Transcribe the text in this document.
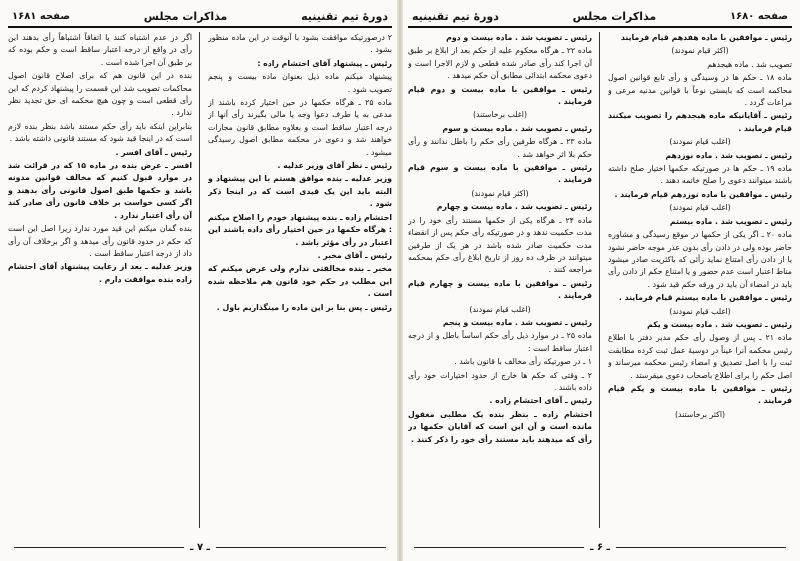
دورۀ تیم تقنینیه
مذاکرات مجلس
صفحه ۱۶۸۱

۲ درصورتیکه موافقت بشود با آنوقت در این ماده منظور بشود .

رئیس ـ پیشنهاد آقای احتشام زاده :

پیشنهاد میکنم ماده ذیل بعنوان ماده بیست و پنجم تصویب شود .

ماده ۲۵ ـ هرگاه حکمها در حین اختیار کرده باشند از مدعی به یا طرف دعوا وجه یا مالی بگیرند رأی آنها از درجه اعتبار ساقط است و بعلاوه مطابق قانون مجازات خواهند شد و دعوی در محکمه مطابق اصول رسیدگی میشود .

رئیس ـ نظر آقای وزیر عدلیه .

وزیر عدلیه ـ بنده موافق هستم با این پیشنهاد و البته باید این یک قیدی است که در اینجا ذکر شود .

احتشام زاده ـ بنده پیشنهاد خودم را اصلاح میکنم : هرگاه حکمها در حین اختیار رأی داده باشند این اعتبار در رأی مؤثر باشد .

رئیس ـ آقای مخبر .

مخبر ـ بنده مخالفتی ندارم ولی عرض میکنم که این مطلب در حکم خود قانون هم ملاحظه شده است .

رئیس ـ پس بنا بر این ماده را مینگذاریم باول .

اگر در عدم اشتباه کنند یا اتفاقاً اشتباهاً رأی بدهند این رأی در واقع از درجه اعتبار ساقط است و حکم بوده که بر طبق آن اجرا شده است .

بنده در این قانون هم که برای اصلاح قانون اصول محاکمات تصویب شد این قسمت را پیشنهاد کردم که این رأی قطعی است و چون هیچ محکمه ای حق تجدید نظر ندارد .

بنابراین اینکه باید رأی حکم مستند باشد بنظر بنده لازم است که در اینجا قید شود که مستند قانونی داشته باشد .

رئیس ـ آقای افسر .

افسر ـ عرض بنده در ماده ۱۵ که در قرائت شد در موارد قبول کنیم که مخالف قوانین مدونه باشد و حکمها طبق اصول قانونی رأی بدهند و اگر کسی خواست بر خلاف قانون رأی صادر کند آن رأی اعتبار ندارد .

بنده گمان میکنم این قید مورد ندارد زیرا اصل این است که حکم در حدود قانون رأی میدهد و اگر برخلاف آن رأی داد از درجه اعتبار ساقط است .

وزیر عدلیه ـ بعد از رعایت پیشنهاد آقای احتشام زاده بنده موافقت دارم .

ـ ۷ ـ
صفحه ۱۶۸۰
مذاکرات مجلس
دورۀ تیم تقنینیه

رئیس ـ موافقین با ماده هفدهم قیام فرمایند

(اکثر قیام نمودند)

تصویب شد . ماده هیجدهم

ماده ۱۸ ـ حکم ها در وسیدگی و رأی تابع قوانین اصول محاکمه است که بایستی نوعاً با قوانین مدنیه مرعی و مراعات گردد .

رئیس ـ آقایانیکه ماده هیجدهم را تصویب میکنند قیام فرمایند .

(اغلب قیام نمودند)

رئیس ـ تصویب شد . ماده نوزدهم

ماده ۱۹ ـ حکم ها در صورتیکه حکمها اختیار صلح داشته باشند میتوانند دعوی را صلح خاتمه دهند .

رئیس ـ موافقین با ماده نوزدهم قیام فرمایند .

(اغلب قیام نمودند)

رئیس ـ تصویب شد . ماده بیستم

ماده ۲۰ ـ اگر یکی از حکمها در موقع رسیدگی و مشاوره حاضر بوده ولی در دادن رأی بدون عذر موجه حاضر نشود یا از دادن رأی امتناع نماید رأئی که باکثریت صادر میشود مناط اعتبار است عدم حضور و یا امتناع حکم از دادن رأی باید در امضاء آن باید در ورقه حکم قید شود .

رئیس ـ موافقین با ماده بیستم قیام فرمایند .

(اغلب قیام نمودند)

رئیس ـ تصویب شد . ماده بیست و یکم

ماده ۲۱ ـ پس از وصول رأی حکم مدیر دفتر با اطلاع رئیس محکمه آنرا عیناً در دوسیهٔ عمل ثبت کرده مطابقت ثبت را با اصل تصدیق و امضاء رئیس محکمه میرساند و اصل حکم را برای اطلاع باصحاب دعوی میفرستد .

رئیس ـ موافقین با ماده بیست و یکم قیام فرمایند .

(اکثر برخاستند)

رئیس ـ تصویب شد . ماده بیست و دوم

ماده ۲۲ ـ هرگاه محکوم علیه از حکم بعد از ابلاغ بر طبق آن اجرا کند رأی صادر شده قطعی و لازم الاجرا است و دعوی محکمه ابتدائی مطابق آن حکم میدهد .

رئیس ـ موافقین با ماده بیست و دوم قیام فرمایند .

(اغلب برخاستند)

رئیس ـ تصویب شد . ماده بیست و سوم

ماده ۲۳ ـ هرگاه طرفین رأی حکم را باطل ندانند و رأی حکم بلا اثر خواهد شد .

رئیس ـ موافقین با ماده بیست و سوم قیام فرمایند .

(اکثر قیام نمودند)

رئیس ـ تصویب شد . ماده بیست و چهارم

ماده ۲۴ ـ هرگاه یکی از حکمها مستند رأی خود را در مدت حکمیت ندهد و در صورتیکه رأی حکم پس از انقضاء مدت حکمیت صادر شده باشد در هر یک از طرفین میتوانند در ظرف ده روز از تاریخ ابلاغ رأی حکم بمحکمه مراجعه کنند .

رئیس ـ موافقین با ماده بیست و چهارم قیام فرمایند .

(اغلب قیام نمودند)

رئیس ـ تصویب شد . ماده بیست و پنجم

ماده ۲۵ ـ در موارد ذیل رأی حکم اساساً باطل و از درجه اعتبار ساقط است :

۱ ـ در صورتیکه رأی مخالف با قانون باشد .

۲ ـ وقتی که حکم ها خارج از حدود اختیارات خود رأی داده باشند .

رئیس ـ آقای احتشام زاده .

احتشام زاده ـ بنظر بنده یک مطلبی مغفول مانده است و آن این است که آقایان حکمها در رأی که میدهند باید مستند رأی خود را ذکر کنند .

ـ ۶ ـ
